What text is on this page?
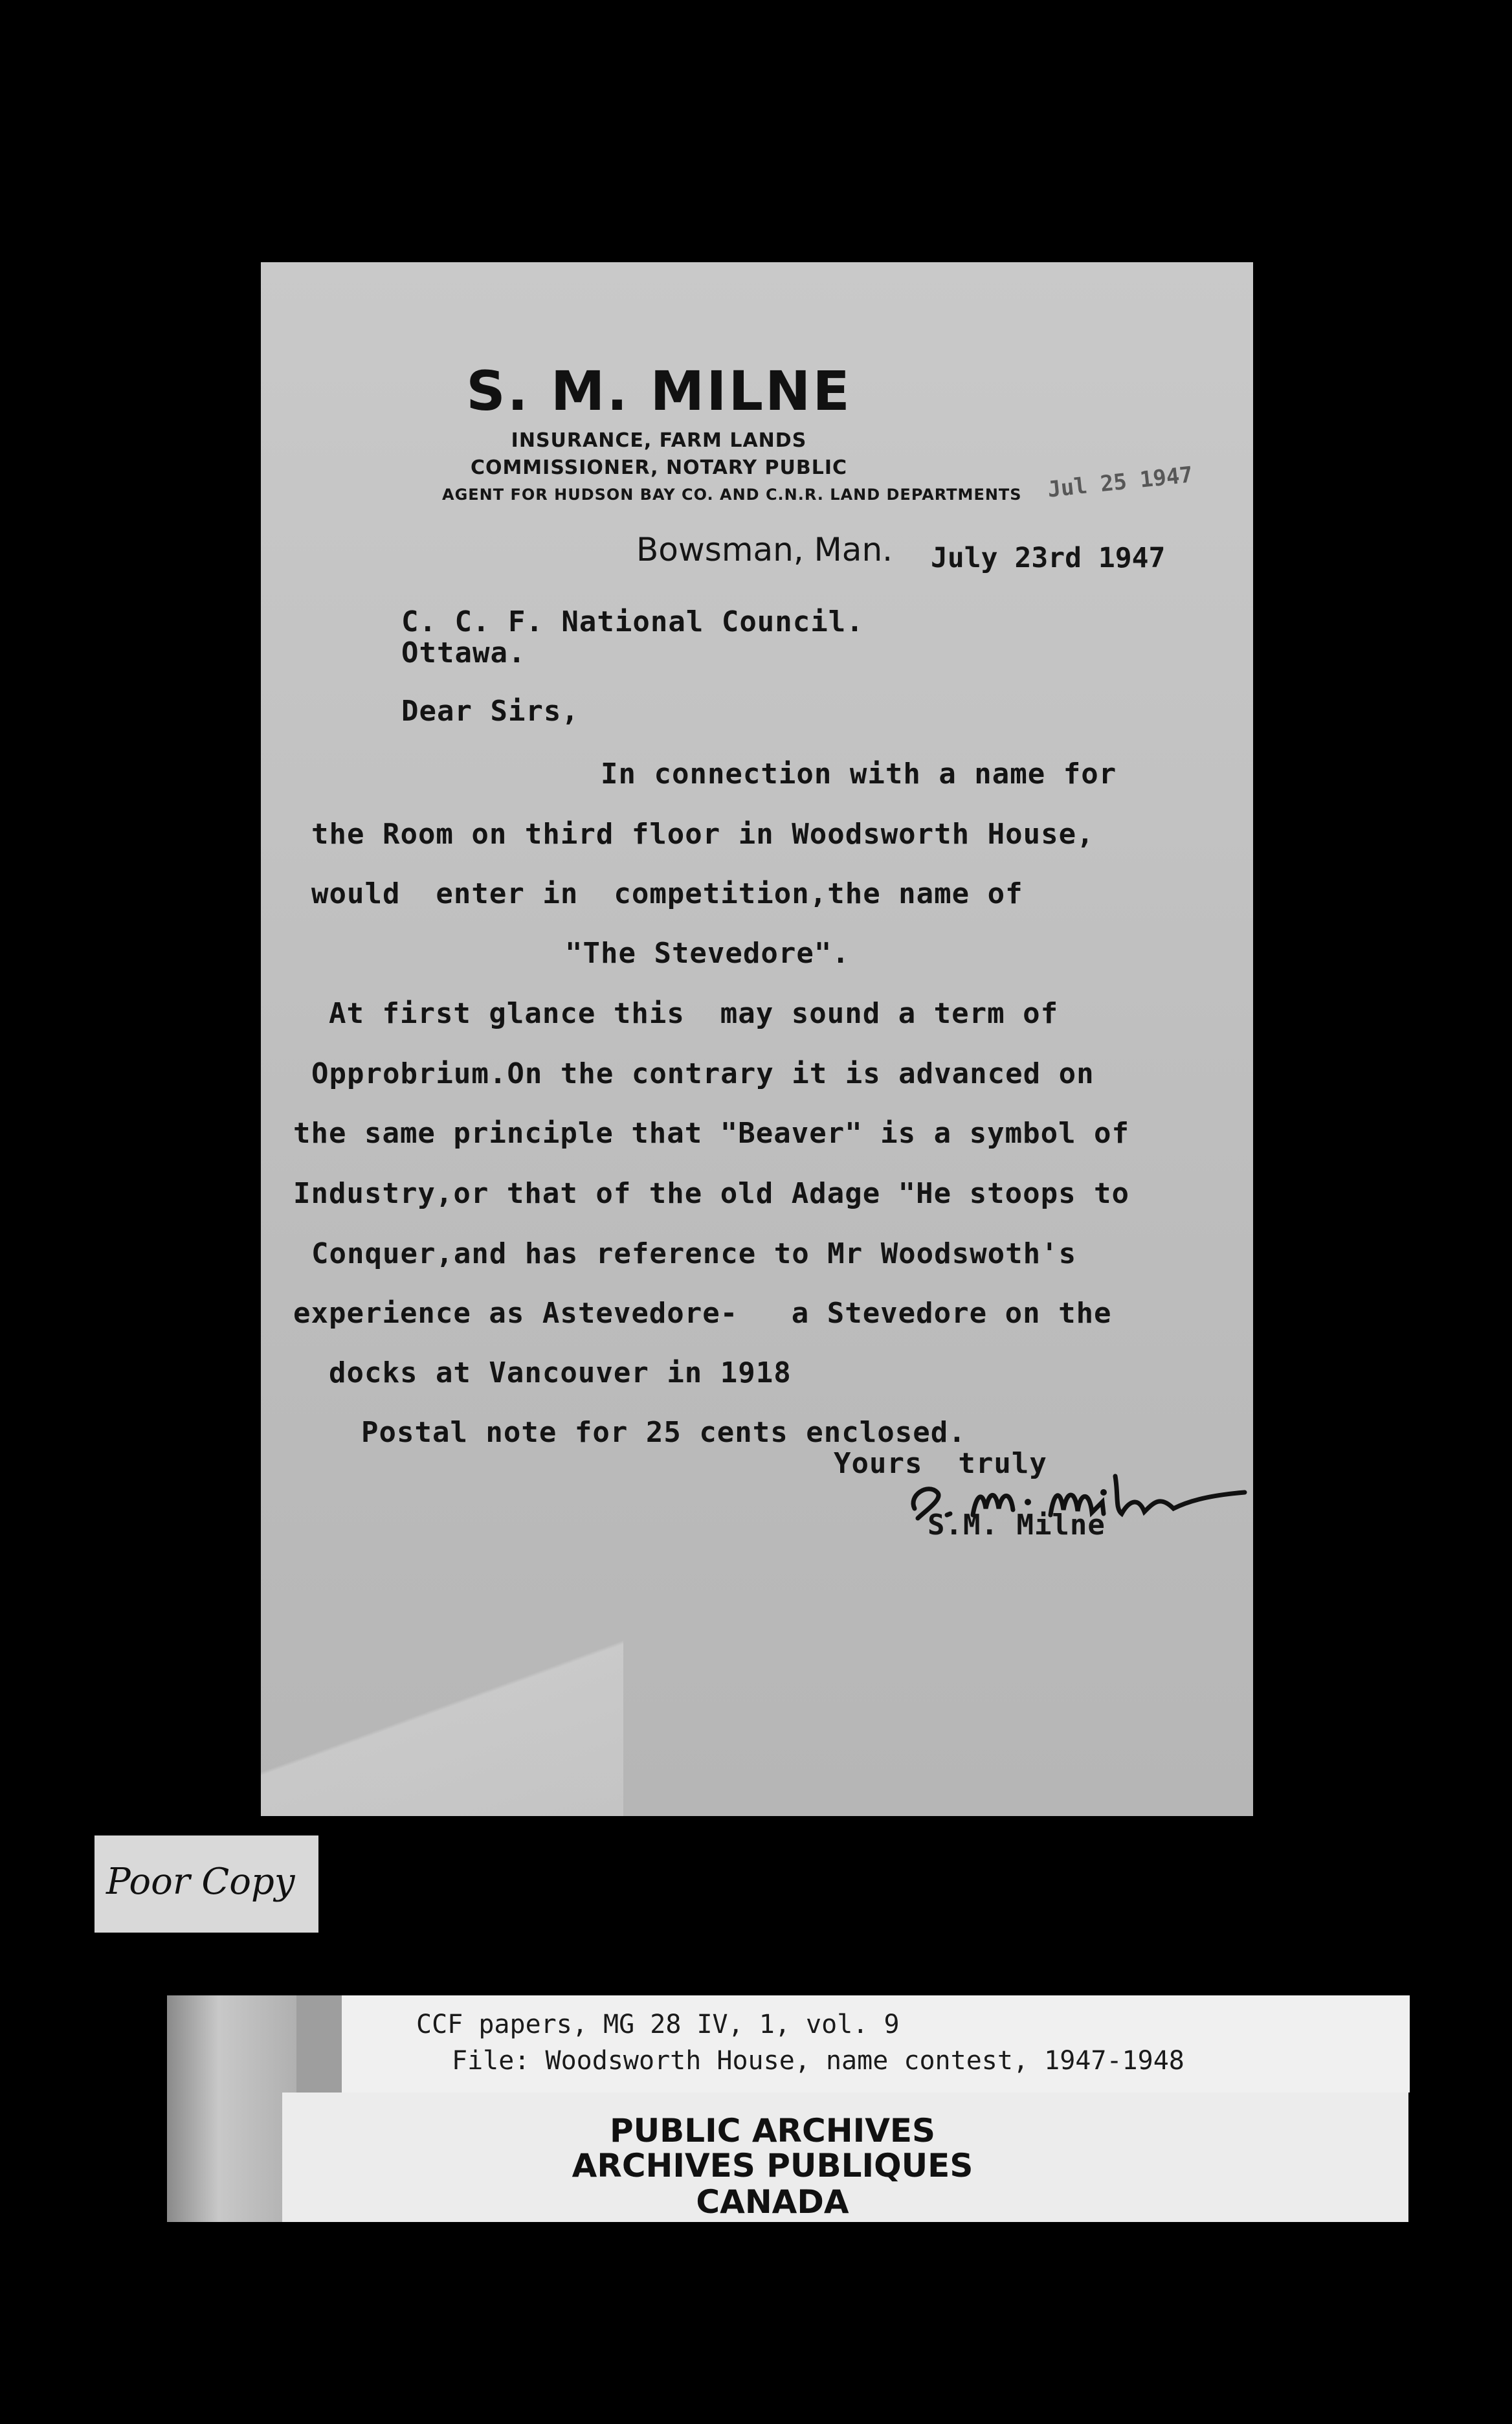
S. M. MILNE
INSURANCE, FARM LANDS
COMMISSIONER, NOTARY PUBLIC
AGENT FOR HUDSON BAY CO. AND C.N.R. LAND DEPARTMENTS Jul 25 1947
Bowsman, Man. July 23rd 1947
C. C. F. National Council.
Ottawa.
Dear Sirs,
In connection with a name for
the Room on third floor in Woodsworth House,
would  enter in  competition,the name of
"The Stevedore".
At first glance this  may sound a term of
Opprobrium.On the contrary it is advanced on
the same principle that "Beaver" is a symbol of
Industry,or that of the old Adage "He stoops to
Conquer,and has reference to Mr Woodswoth's
experience as Astevedore-   a Stevedore on the
docks at Vancouver in 1918
Postal note for 25 cents enclosed.
Yours  truly
S.M. Milne
Poor Copy
CCF papers, MG 28 IV, 1, vol. 9
File: Woodsworth House, name contest, 1947-1948
PUBLIC ARCHIVES
ARCHIVES PUBLIQUES
CANADA
